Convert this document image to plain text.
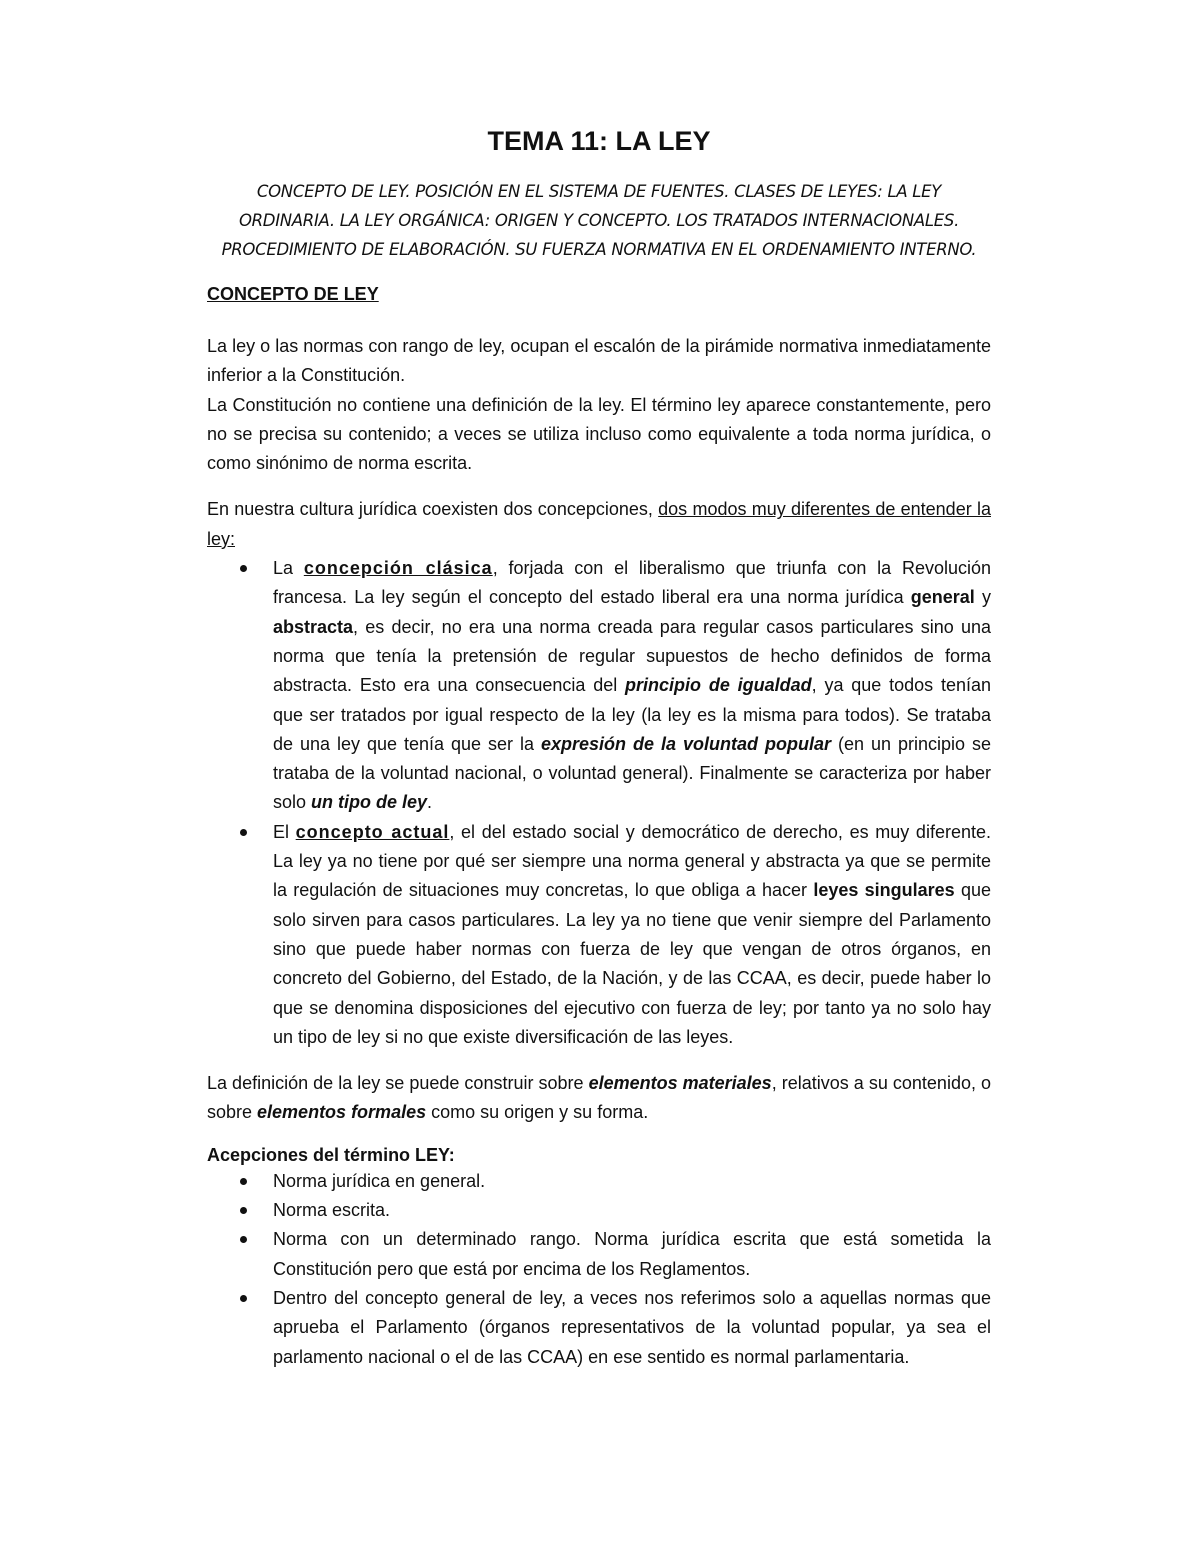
TEMA 11: LA LEY

CONCEPTO DE LEY. POSICIÓN EN EL SISTEMA DE FUENTES. CLASES DE LEYES: LA LEY ORDINARIA. LA LEY ORGÁNICA: ORIGEN Y CONCEPTO. LOS TRATADOS INTERNACIONALES. PROCEDIMIENTO DE ELABORACIÓN. SU FUERZA NORMATIVA EN EL ORDENAMIENTO INTERNO.

CONCEPTO DE LEY

La ley o las normas con rango de ley, ocupan el escalón de la pirámide normativa inmediatamente inferior a la Constitución.

La Constitución no contiene una definición de la ley. El término ley aparece constantemente, pero no se precisa su contenido; a veces se utiliza incluso como equivalente a toda norma jurídica, o como sinónimo de norma escrita.

En nuestra cultura jurídica coexisten dos concepciones, dos modos muy diferentes de entender la ley:

La concepción clásica, forjada con el liberalismo que triunfa con la Revolución francesa. La ley según el concepto del estado liberal era una norma jurídica general y abstracta, es decir, no era una norma creada para regular casos particulares sino una norma que tenía la pretensión de regular supuestos de hecho definidos de forma abstracta. Esto era una consecuencia del principio de igualdad, ya que todos tenían que ser tratados por igual respecto de la ley (la ley es la misma para todos). Se trataba de una ley que tenía que ser la expresión de la voluntad popular (en un principio se trataba de la voluntad nacional, o voluntad general). Finalmente se caracteriza por haber solo un tipo de ley.
El concepto actual, el del estado social y democrático de derecho, es muy diferente. La ley ya no tiene por qué ser siempre una norma general y abstracta ya que se permite la regulación de situaciones muy concretas, lo que obliga a hacer leyes singulares que solo sirven para casos particulares. La ley ya no tiene que venir siempre del Parlamento sino que puede haber normas con fuerza de ley que vengan de otros órganos, en concreto del Gobierno, del Estado, de la Nación, y de las CCAA, es decir, puede haber lo que se denomina disposiciones del ejecutivo con fuerza de ley; por tanto ya no solo hay un tipo de ley si no que existe diversificación de las leyes.

La definición de la ley se puede construir sobre elementos materiales, relativos a su contenido, o sobre elementos formales como su origen y su forma.

Acepciones del término LEY:
Norma jurídica en general.
Norma escrita.
Norma con un determinado rango. Norma jurídica escrita que está sometida la Constitución pero que está por encima de los Reglamentos.
Dentro del concepto general de ley, a veces nos referimos solo a aquellas normas que aprueba el Parlamento (órganos representativos de la voluntad popular, ya sea el parlamento nacional o el de las CCAA) en ese sentido es normal parlamentaria.
